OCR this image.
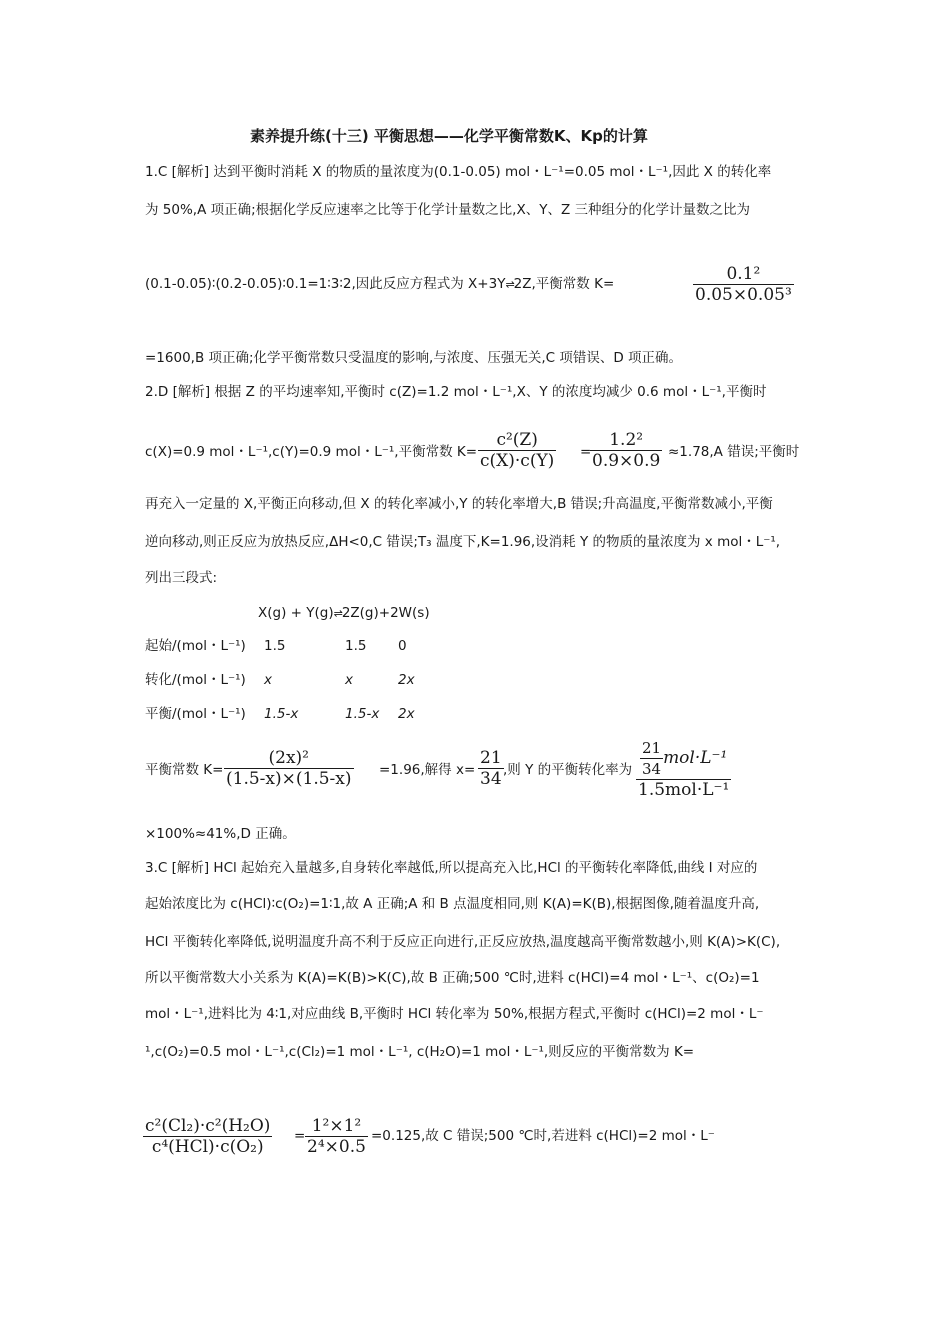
素养提升练(十三) 平衡思想——化学平衡常数K、Kp的计算
1.C [解析] 达到平衡时消耗 X 的物质的量浓度为(0.1-0.05) mol・L⁻¹=0.05 mol・L⁻¹,因此 X 的转化率
为 50%,A 项正确;根据化学反应速率之比等于化学计量数之比,X、Y、Z 三种组分的化学计量数之比为
(0.1-0.05)∶(0.2-0.05)∶0.1=1∶3∶2,因此反应方程式为 X+3Y⇌2Z,平衡常数 K=	$\frac{\text{0.1²}}{\text{0.05×0.05³}}$
=1600,B 项正确;化学平衡常数只受温度的影响,与浓度、压强无关,C 项错误、D 项正确。
2.D [解析] 根据 Z 的平均速率知,平衡时 c(Z)=1.2 mol・L⁻¹,X、Y 的浓度均减少 0.6 mol・L⁻¹,平衡时
c(X)=0.9 mol・L⁻¹,c(Y)=0.9 mol・L⁻¹,平衡常数 $K= \frac{\text{c²(Z)}}{c(X)\cdot c(Y)}$ =
$\frac{\text{1.2²}}{0.9\times 0.9} \approx 1.78,A$ 错误;平衡时
再充入一定量的 X,平衡正向移动,但 X 的转化率减小,Y 的转化率增大,B 错误;升高温度,平衡常数减小,平衡
逆向移动,则正反应为放热反应,ΔH<0,C 错误;T₃ 温度下,K=1.96,设消耗 Y 的物质的量浓度为 x mol・L⁻¹,
列出三段式:
X(g) + Y(g)⇌2Z(g)+2W(s)
起始/(mol・L⁻¹) 1.5	1.5 0
转化/(mol・L⁻¹) x	x	2x
平衡/(mol・L⁻¹) 1.5-x	1.5-x 2x
平衡常数 $K= \frac{\text{(2x)²}}{(1.5-x)\times(1.5-x)} =1.96$,解得 $x= \frac{21}{34}$ ,则 Y 的平衡转化率为 $\frac{\frac{21}{34} mol\cdot L^{-1}}{\text{1.5mol·L⁻¹}}$
×100%≈41%,D 正确。
3.C [解析] HCl 起始充入量越多,自身转化率越低,所以提高充入比,HCl 的平衡转化率降低,曲线 Ⅰ 对应的
起始浓度比为 c(HCl)∶c(O₂)=1∶1,故 A 正确;A 和 B 点温度相同,则 K(A)=K(B),根据图像,随着温度升高,
HCl 平衡转化率降低,说明温度升高不利于反应正向进行,正反应放热,温度越高平衡常数越小,则 K(A)>K(C),
所以平衡常数大小关系为 K(A)=K(B)>K(C),故 B 正确;500 ℃时,进料 c(HCl)=4 mol・L⁻¹、c(O₂)=1
mol・L⁻¹,进料比为 4∶1,对应曲线 B,平衡时 HCl 转化率为 50%,根据方程式,平衡时 c(HCl)=2 mol・L⁻
¹,c(O₂)=0.5 mol・L⁻¹,c(Cl₂)=1 mol・L⁻¹, c(H₂O)=1 mol・L⁻¹,则反应的平衡常数为 K=
$\frac{\text{c²(Cl₂)·c²(H₂O)}}{\text{c⁴(HCl)·c(O₂)}} = \frac{\text{1²×1²}}{\text{2⁴×0.5}} =0.125$,故 C 错误;500 ℃时,若进料 c(HCl)=2 mol・L⁻
